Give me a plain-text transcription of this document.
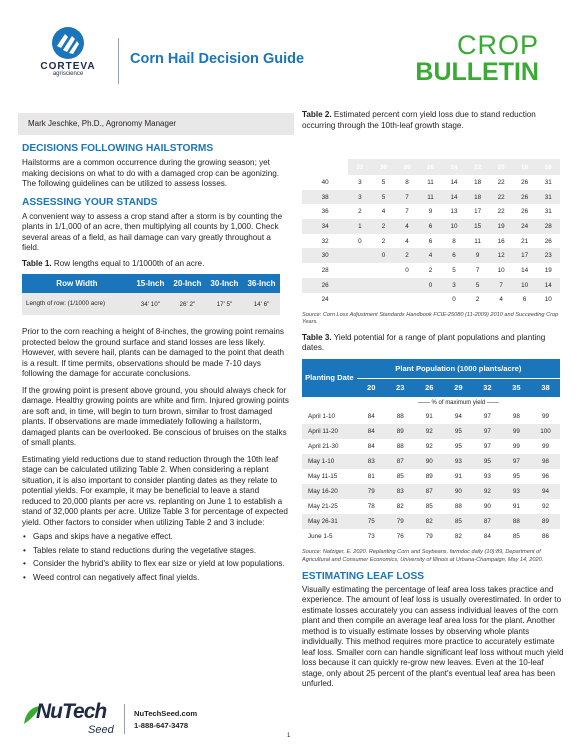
CORTEVA
agriscience
Corn Hail Decision Guide	CROP
BULLETIN
Mark Jeschke, Ph.D., Agronomy Manager
DECISIONS FOLLOWING HAILSTORMS

Hailstorms are a common occurrence during the growing season; yet making decisions on what to do with a damaged crop can be agonizing. The following guidelines can be utilized to assess losses.

ASSESSING YOUR STANDS

A convenient way to assess a crop stand after a storm is by counting the plants in 1/1,000 of an acre, then multiplying all counts by 1,000. Check several areas of a field, as hail damage can vary greatly throughout a field.

Table 1. Row lengths equal to 1/1000th of an acre.
Row Width	15-Inch	20-Inch	30-Inch	36-Inch
Length of row: (1/1000 acre)	34' 10"	26' 2"	17' 5"	14' 6"

Prior to the corn reaching a height of 8-inches, the growing point remains protected below the ground surface and stand losses are less likely. However, with severe hail, plants can be damaged to the point that death is a result. If time permits, observations should be made 7-10 days following the damage for accurate conclusions.

If the growing point is present above ground, you should always check for damage. Healthy growing points are white and firm. Injured growing points are soft and, in time, will begin to turn brown, similar to frost damaged plants. If observations are made immediately following a hailstorm, damaged plants can be overlooked. Be conscious of bruises on the stalks of small plants.

Estimating yield reductions due to stand reduction through the 10th leaf stage can be calculated utilizing Table 2. When considering a replant situation, it is also important to consider planting dates as they relate to potential yields. For example, it may be beneficial to leave a stand reduced to 20,000 plants per acre vs. replanting on June 1 to establish a stand of 32,000 plants per acre. Utilize Table 3 for percentage of expected yield. Other factors to consider when utilizing Table 2 and 3 include:

• Gaps and skips have a negative effect.
• Tables relate to stand reductions during the vegetative stages.
• Consider the hybrid's ability to flex ear size or yield at low populations.
• Weed control can negatively affect final yields.
Table 2. Estimated percent corn yield loss due to stand reduction occurring through the 10th-leaf growth stage.
Original Stand (x 1000)	Remaining Plants per Acre (x 1000)								
	32	30	28	26	24	22	20	18	16
40	3	5	8	11	14	18	22	26	31
38	3	5	7	11	14	18	22	26	31
36	2	4	7	9	13	17	22	26	31
34	1	2	4	6	10	15	19	24	28
32	0	2	4	6	8	11	16	21	26
30		0	2	4	6	9	12	17	23
28			0	2	5	7	10	14	19
26				0	3	5	7	10	14
24					0	2	4	6	10
Source: Corn Loss Adjustment Standards Handbook FCIE-25080 (11-2009) 2010 and Succeeding Crop Years.
Table 3. Yield potential for a range of plant populations and planting dates.
Planting Date	Plant Population (1000 plants/acre)						
	20	23	26	29	32	35	38
	—— % of maximum yield ——						
April 1-10	84	88	91	94	97	98	99
April 11-20	84	89	92	95	97	99	100
April 21-30	84	88	92	95	97	99	99
May 1-10	83	87	90	93	95	97	98
May 11-15	81	85	89	91	93	95	96
May 16-20	79	83	87	90	92	93	94
May 21-25	78	82	85	88	90	91	92
May 26-31	75	79	82	85	87	88	89
June 1-5	73	76	79	82	84	85	86
Source: Nafziger, E. 2020. Replanting Corn and Soybeans. farmdoc daily (10):89, Department of Agricultural and Consumer Economics, University of Illinois at Urbana-Champaign, May 14, 2020.
ESTIMATING LEAF LOSS

Visually estimating the percentage of leaf area loss takes practice and experience. The amount of leaf loss is usually overestimated. In order to estimate losses accurately you can assess individual leaves of the corn plant and then compile an average leaf area loss for the plant. Another method is to visually estimate losses by observing whole plants individually. This method requires more practice to accurately estimate leaf loss. Smaller corn can handle significant leaf loss without much yield loss because it can quickly re-grow new leaves. Even at the 10-leaf stage, only about 25 percent of the plant's eventual leaf area has been unfurled.

NuTech
Seed
NuTechSeed.com
1-888-647-3478
1
